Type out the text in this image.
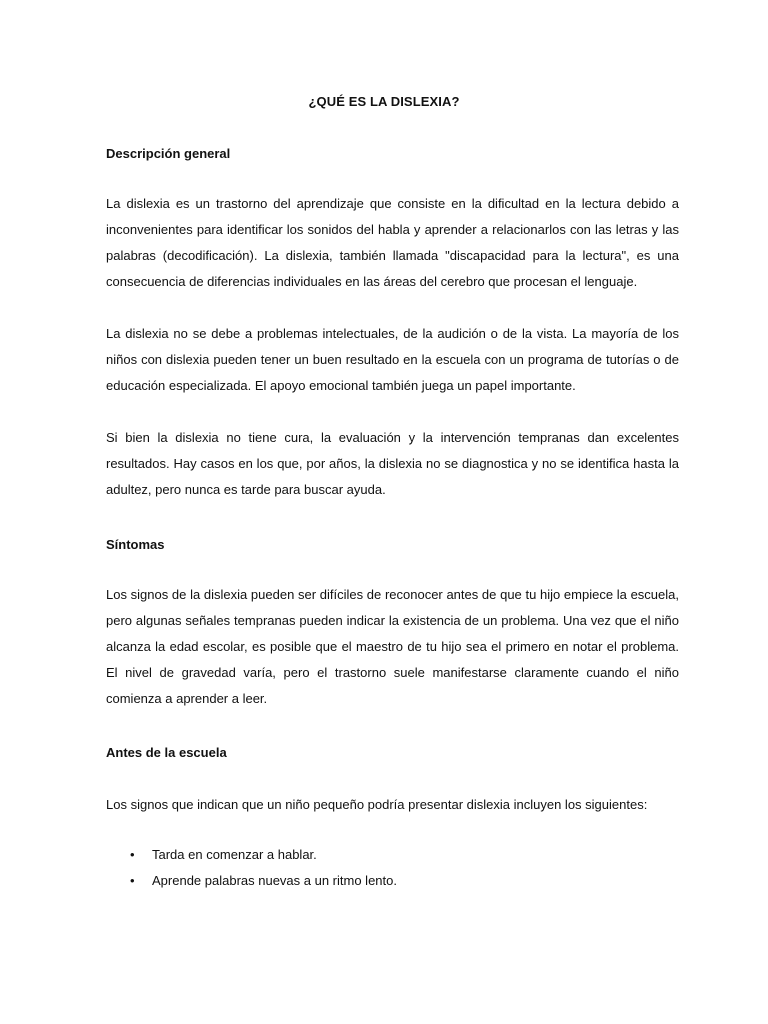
¿QUÉ ES LA DISLEXIA?
Descripción general
La dislexia es un trastorno del aprendizaje que consiste en la dificultad en la lectura debido a inconvenientes para identificar los sonidos del habla y aprender a relacionarlos con las letras y las palabras (decodificación). La dislexia, también llamada "discapacidad para la lectura", es una consecuencia de diferencias individuales en las áreas del cerebro que procesan el lenguaje.
La dislexia no se debe a problemas intelectuales, de la audición o de la vista. La mayoría de los niños con dislexia pueden tener un buen resultado en la escuela con un programa de tutorías o de educación especializada. El apoyo emocional también juega un papel importante.
Si bien la dislexia no tiene cura, la evaluación y la intervención tempranas dan excelentes resultados. Hay casos en los que, por años, la dislexia no se diagnostica y no se identifica hasta la adultez, pero nunca es tarde para buscar ayuda.
Síntomas
Los signos de la dislexia pueden ser difíciles de reconocer antes de que tu hijo empiece la escuela, pero algunas señales tempranas pueden indicar la existencia de un problema. Una vez que el niño alcanza la edad escolar, es posible que el maestro de tu hijo sea el primero en notar el problema. El nivel de gravedad varía, pero el trastorno suele manifestarse claramente cuando el niño comienza a aprender a leer.
Antes de la escuela
Los signos que indican que un niño pequeño podría presentar dislexia incluyen los siguientes:
• Tarda en comenzar a hablar.
• Aprende palabras nuevas a un ritmo lento.
